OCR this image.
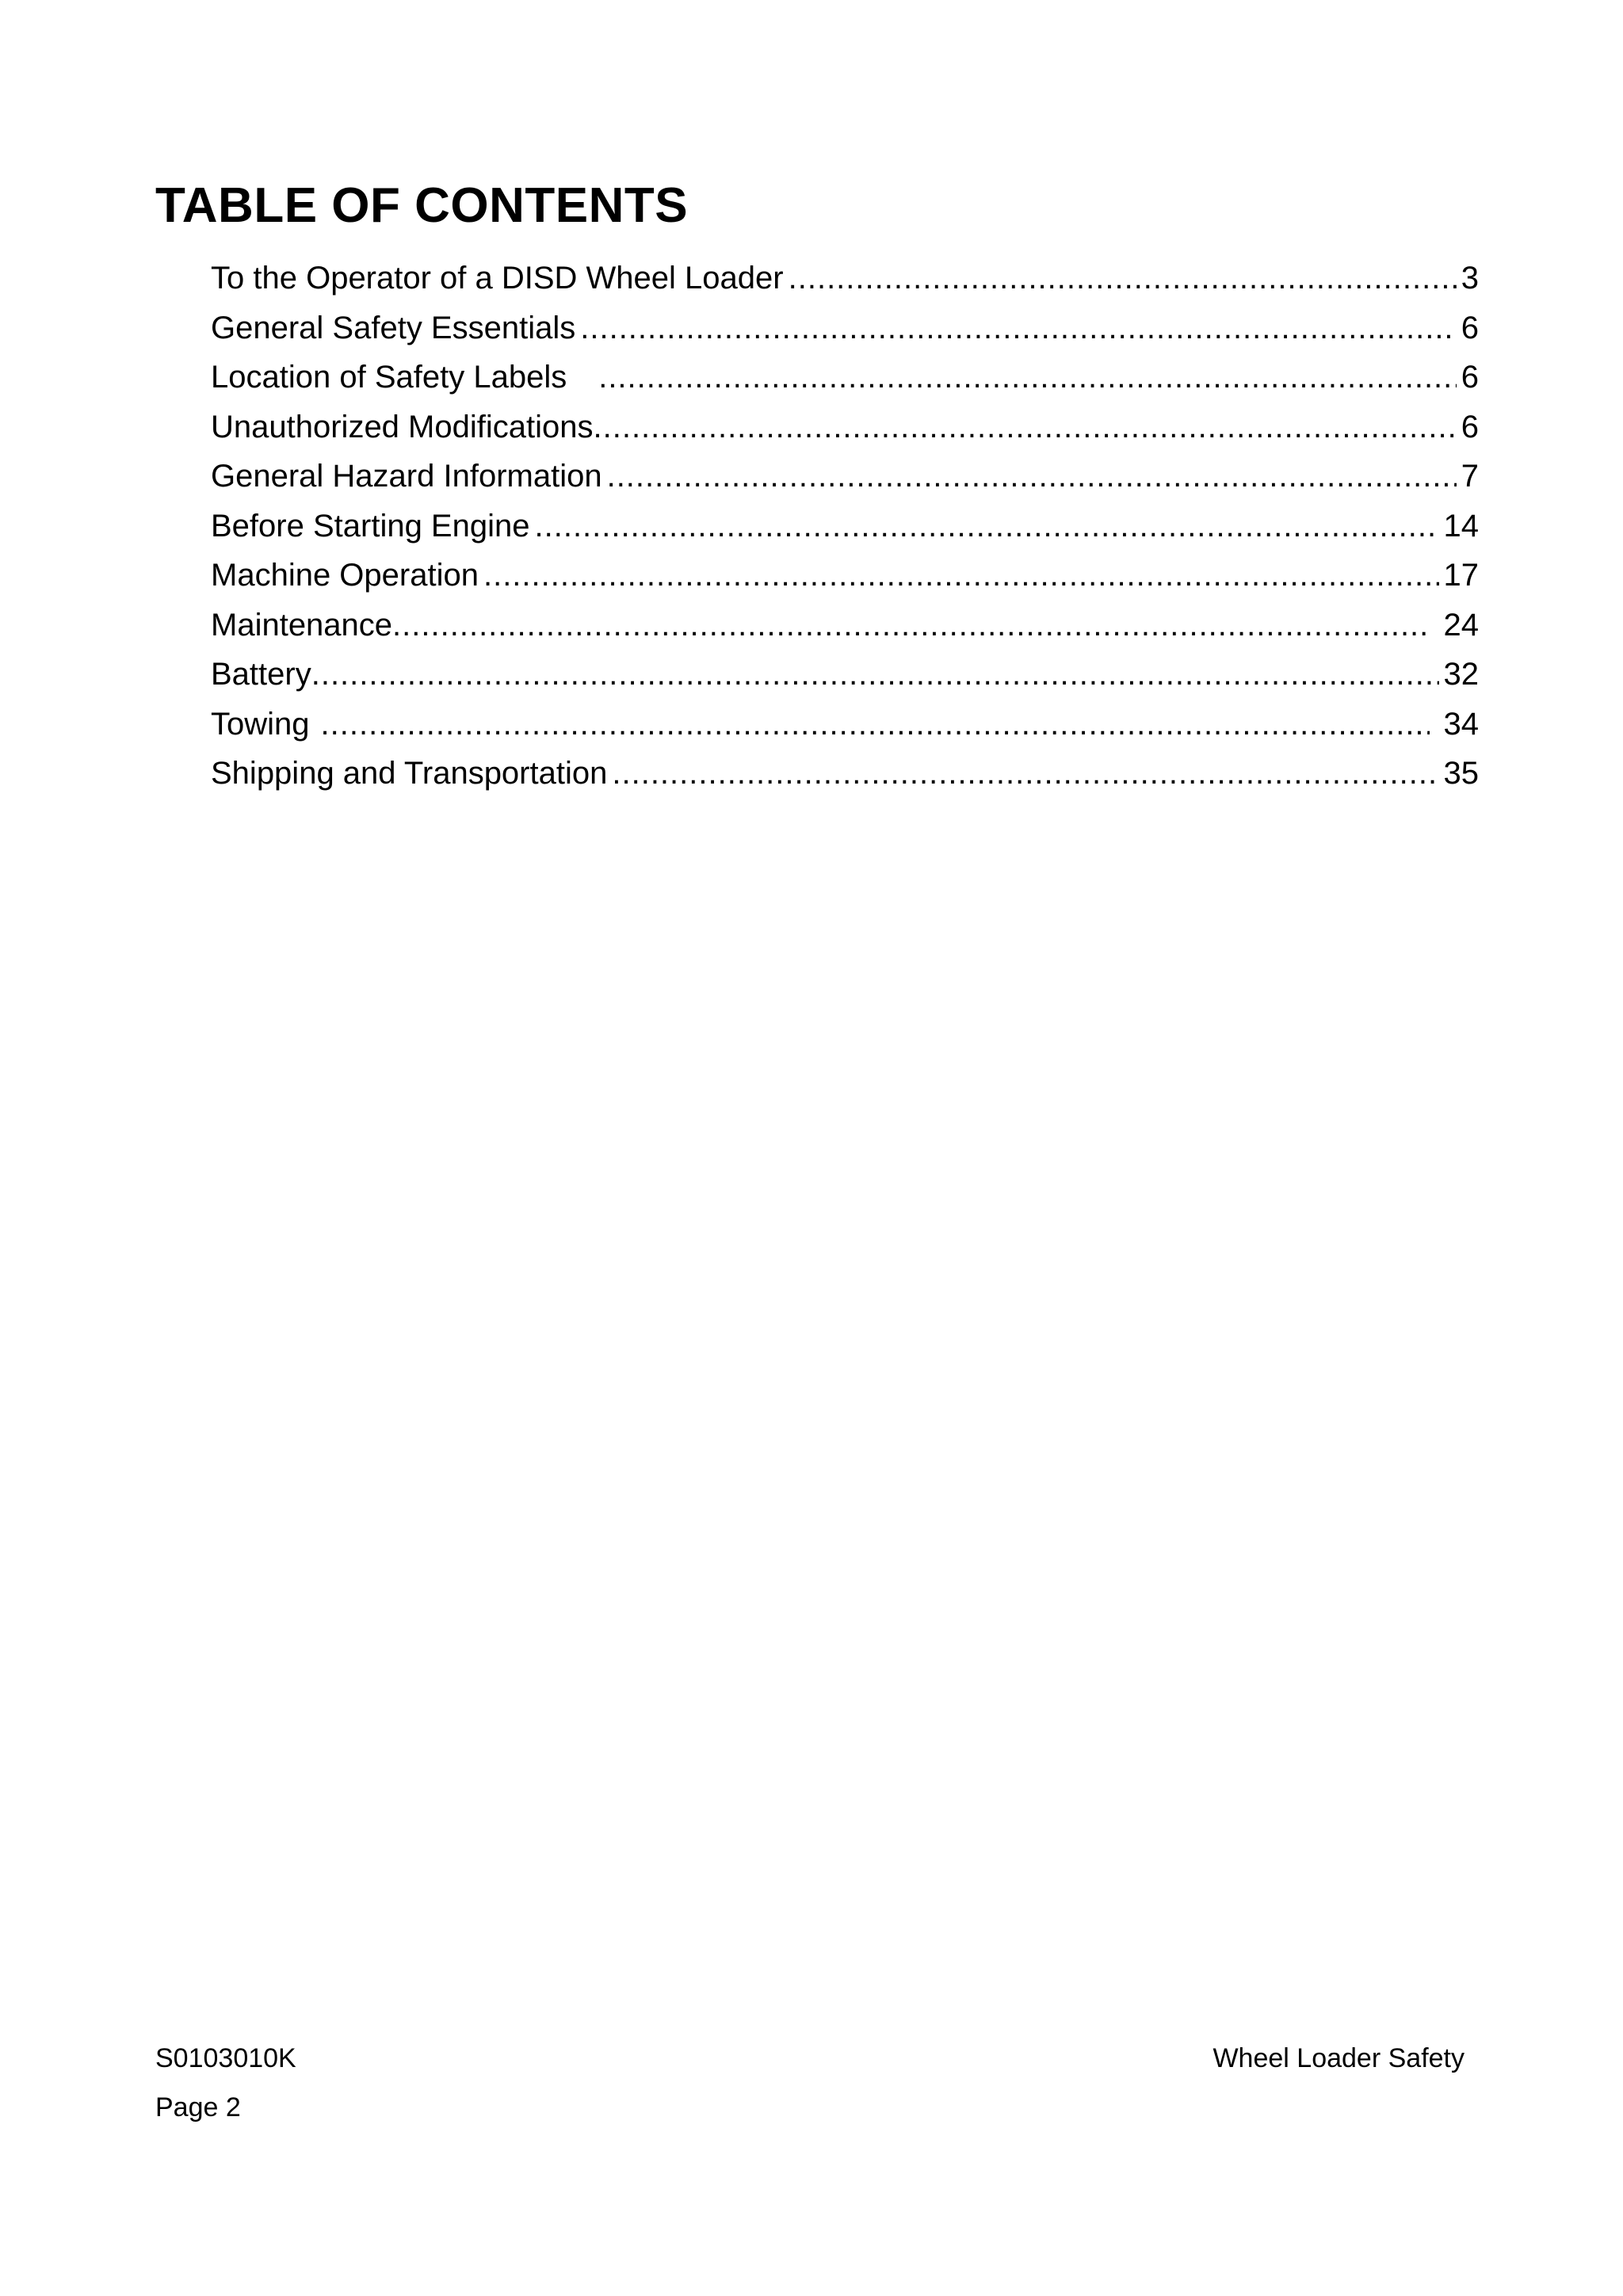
TABLE OF CONTENTS
To the Operator of a DISD Wheel Loader .....	3
General Safety Essentials .....	6
Location of Safety Labels .....	6
Unauthorized Modifications .....	6
General Hazard Information .....	7
Before Starting Engine .....	14
Machine Operation .....	17
Maintenance .....	24
Battery .....	32
Towing .....	34
Shipping and Transportation .....	35
S0103010K	Wheel Loader Safety
Page 2
